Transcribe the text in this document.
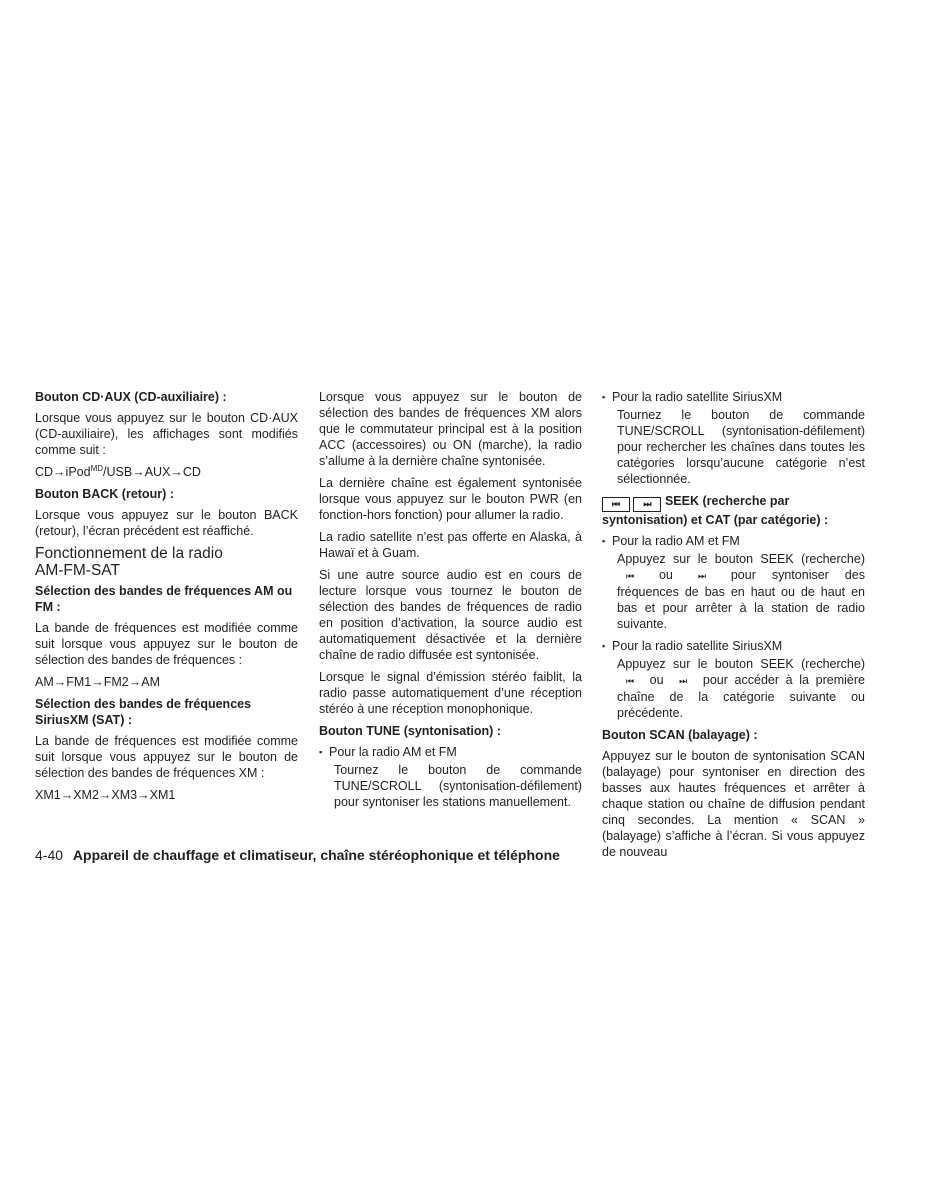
Bouton CD·AUX (CD-auxiliaire) :

Lorsque vous appuyez sur le bouton CD·AUX (CD-auxiliaire), les affichages sont modifiés comme suit :

CD→iPod$^{MD}$/USB→AUX→CD

Bouton BACK (retour) :

Lorsque vous appuyez sur le bouton BACK (retour), l’écran précédent est réaffiché.

Fonctionnement de la radio
AM-FM-SAT
Sélection des bandes de fréquences AM ou FM :

La bande de fréquences est modifiée comme suit lorsque vous appuyez sur le bouton de sélection des bandes de fréquences :

AM→FM1→FM2→AM

Sélection des bandes de fréquences SiriusXM (SAT) :

La bande de fréquences est modifiée comme suit lorsque vous appuyez sur le bouton de sélection des bandes de fréquences XM :

XM1→XM2→XM3→XM1

Lorsque vous appuyez sur le bouton de sélection des bandes de fréquences XM alors que le commutateur principal est à la position ACC (accessoires) ou ON (marche), la radio s’allume à la dernière chaîne syntonisée.

La dernière chaîne est également syntonisée lorsque vous appuyez sur le bouton PWR (en fonction-hors fonction) pour allumer la radio.

La radio satellite n’est pas offerte en Alaska, à Hawaï et à Guam.

Si une autre source audio est en cours de lecture lorsque vous tournez le bouton de sélection des bandes de fréquences de radio en position d’activation, la source audio est automatiquement désactivée et la dernière chaîne de radio diffusée est syntonisée.

Lorsque le signal d’émission stéréo faiblit, la radio passe automatiquement d’une réception stéréo à une réception monophonique.

Bouton TUNE (syntonisation) :
▪ Pour la radio AM et FM
Tournez le bouton de commande TUNE/SCROLL (syntonisation-défilement) pour syntoniser les stations manuellement.
▪ Pour la radio satellite SiriusXM
Tournez le bouton de commande TUNE/SCROLL (syntonisation-défilement) pour rechercher les chaînes dans toutes les catégories lorsqu’aucune catégorie n’est sélectionnée.
⏮	⏭ SEEK (recherche par syntonisation) et CAT (par catégorie) :
▪ Pour la radio AM et FM
Appuyez sur le bouton SEEK (recherche) ⏮ ou	⏭ pour syntoniser des fréquences de bas en haut ou de haut en bas et pour arrêter à la station de radio suivante.
▪ Pour la radio satellite SiriusXM
Appuyez sur le bouton SEEK (recherche) ⏮ ou ⏭ pour accéder à la première chaîne de la catégorie suivante ou précédente.
Bouton SCAN (balayage) :

Appuyez sur le bouton de syntonisation SCAN (balayage) pour syntoniser en direction des basses aux hautes fréquences et arrêter à chaque station ou chaîne de diffusion pendant cinq secondes. La mention « SCAN » (balayage) s’affiche à l’écran. Si vous appuyez de nouveau

4-40 Appareil de chauffage et climatiseur, chaîne stéréophonique et téléphone
